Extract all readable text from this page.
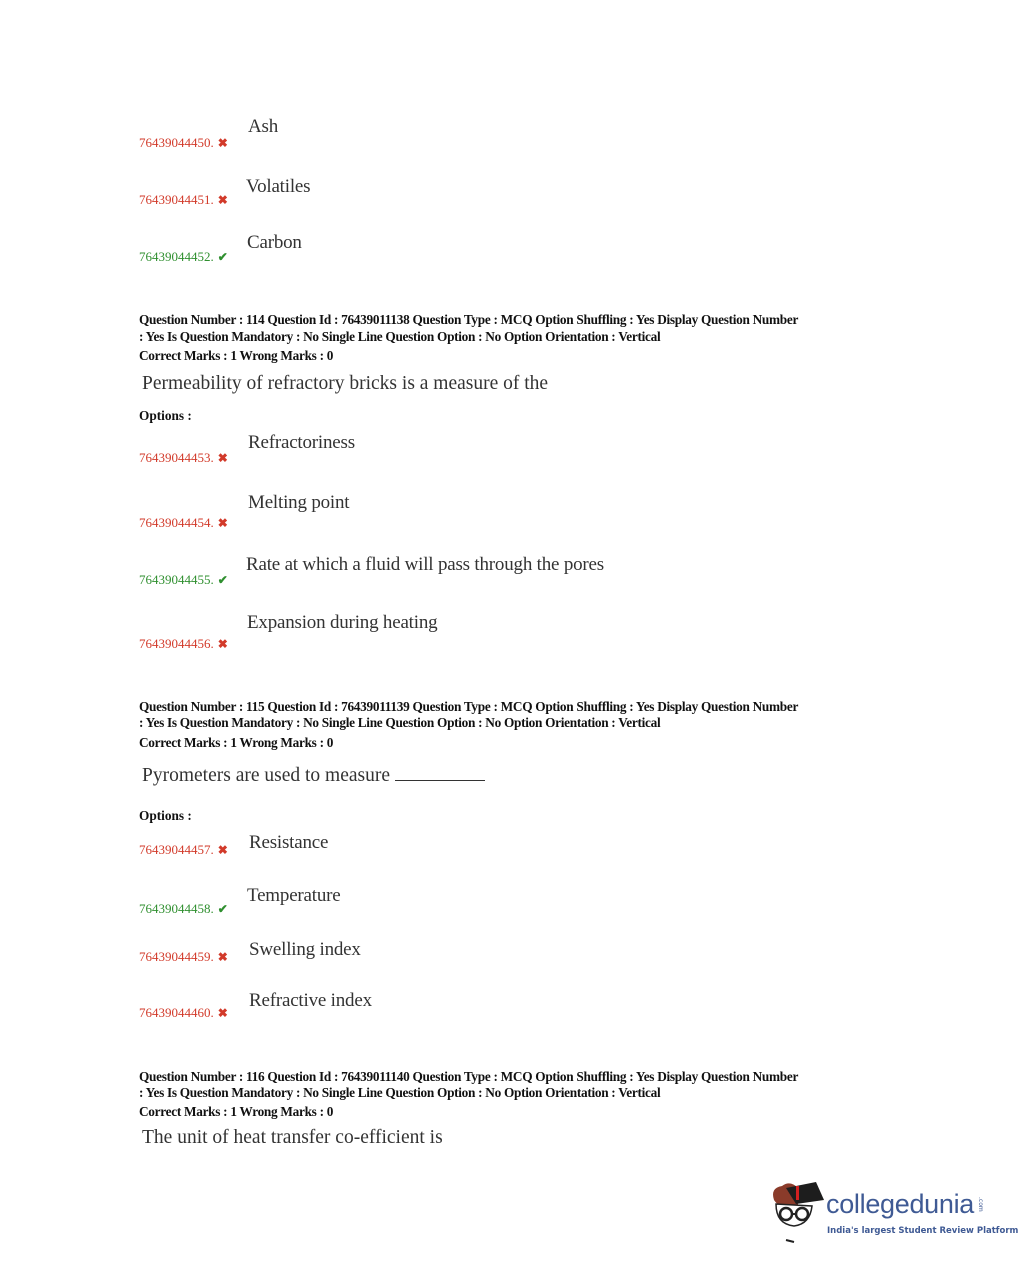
Ash
76439044450. ✖
Volatiles
76439044451. ✖
Carbon
76439044452. ✔
Question Number : 114 Question Id : 76439011138 Question Type : MCQ Option Shuffling : Yes Display Question Number
: Yes Is Question Mandatory : No Single Line Question Option : No Option Orientation : Vertical
Correct Marks : 1 Wrong Marks : 0
Permeability of refractory bricks is a measure of the
Options :
Refractoriness
76439044453. ✖
Melting point
76439044454. ✖
Rate at which a fluid will pass through the pores
76439044455. ✔
Expansion during heating
76439044456. ✖
Question Number : 115 Question Id : 76439011139 Question Type : MCQ Option Shuffling : Yes Display Question Number
: Yes Is Question Mandatory : No Single Line Question Option : No Option Orientation : Vertical
Correct Marks : 1 Wrong Marks : 0
Pyrometers are used to measure
Options :
Resistance
76439044457. ✖
Temperature
76439044458. ✔
Swelling index
76439044459. ✖
Refractive index
76439044460. ✖
Question Number : 116 Question Id : 76439011140 Question Type : MCQ Option Shuffling : Yes Display Question Number
: Yes Is Question Mandatory : No Single Line Question Option : No Option Orientation : Vertical
Correct Marks : 1 Wrong Marks : 0
The unit of heat transfer co-efficient is
collegedunia .com
India's largest Student Review Platform
